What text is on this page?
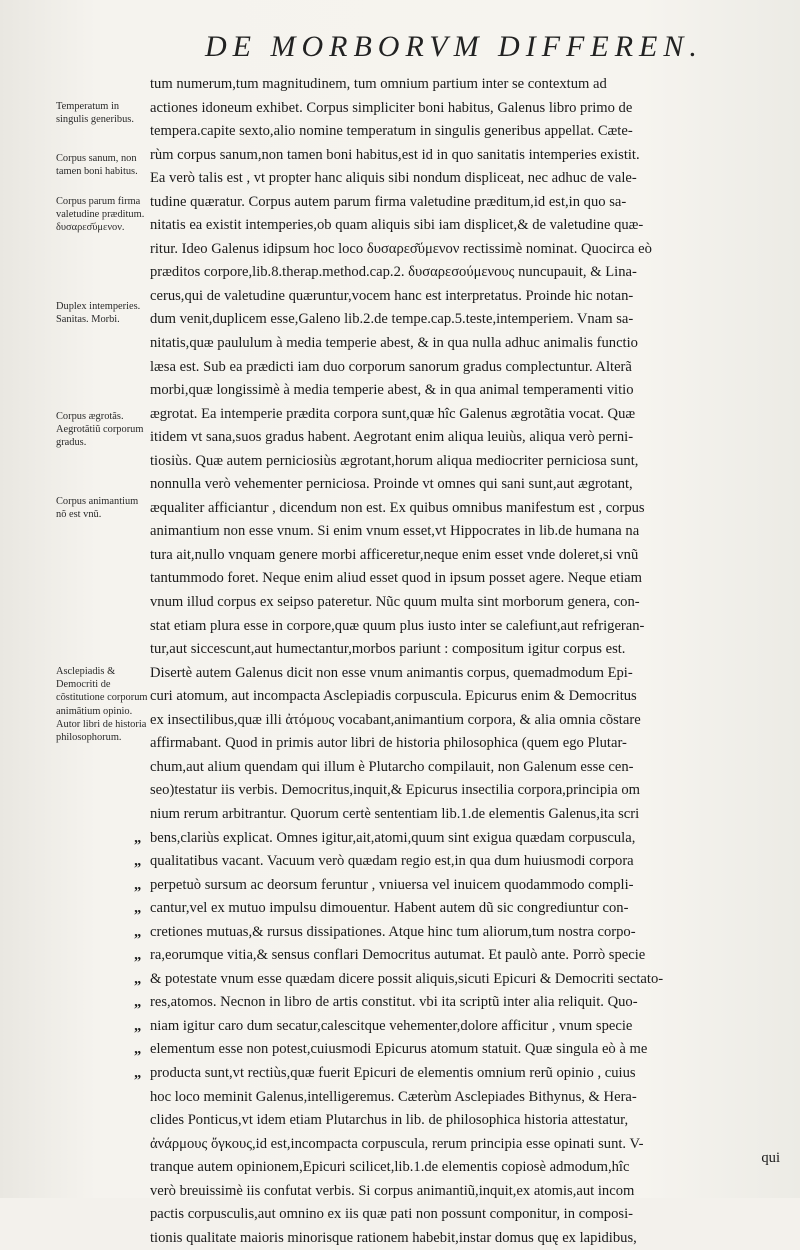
DE MORBORVM DIFFEREN.
Temperatum in singulis generibus.
Duplex intemperies. Sanitas. Morbi.
Corpus ægrotãs. Aegrotãtiũ corporum gradus.
Corpus animantium nõ est vnũ.
Asclepiadis & Democriti de cõstitutione corporum animãtium opinio. Autor libri de historia philosophorum.
Corpus sanum, non tamen boni habitus.
Corpus parum firma valetudine præditum. δυσαρεσ͂ύμενον.
tum numerum,tum magnitudinem, tum omnium partium inter se contextum ad
actiones idoneum exhibet. Corpus simpliciter boni habitus, Galenus libro primo de
tempera.capite sexto,alio nomine temperatum in singulis generibus appellat. Cæte-
rùm corpus sanum,non tamen boni habitus,est id in quo sanitatis intemperies existit.
Ea verò talis est , vt propter hanc aliquis sibi nondum displiceat, nec adhuc de vale-
tudine quæratur. Corpus autem parum firma valetudine præditum,id est,in quo sa-
nitatis ea existit intemperies,ob quam aliquis sibi iam displicet,& de valetudine quæ-
ritur. Ideo Galenus idipsum hoc loco δυσαρεσ͂ύμενον rectissimè nominat. Quocirca eò
præditos corpore,lib.8.therap.method.cap.2. δυσαρεσούμενους nuncupauit, & Lina-
cerus,qui de valetudine quæruntur,vocem hanc est interpretatus. Proinde hic notan-
dum venit,duplicem esse,Galeno lib.2.de tempe.cap.5.teste,intemperiem. Vnam sa-
nitatis,quæ paululum à media temperie abest, & in qua nulla adhuc animalis functio
læsa est. Sub ea prædicti iam duo corporum sanorum gradus complectuntur. Alterã
morbi,quæ longissimè à media temperie abest, & in qua animal temperamenti vitio
ægrotat. Ea intemperie prædita corpora sunt,quæ hîc Galenus ægrotãtia vocat. Quæ
itidem vt sana,suos gradus habent. Aegrotant enim aliqua leuiùs, aliqua verò perni-
tiosiùs. Quæ autem perniciosiùs ægrotant,horum aliqua mediocriter perniciosa sunt,
nonnulla verò vehementer perniciosa. Proinde vt omnes qui sani sunt,aut ægrotant,
æqualiter afficiantur , dicendum non est. Ex quibus omnibus manifestum est , corpus
animantium non esse vnum. Si enim vnum esset,vt Hippocrates in lib.de humana na
tura ait,nullo vnquam genere morbi afficeretur,neque enim esset vnde doleret,si vnũ
tantummodo foret. Neque enim aliud esset quod in ipsum posset agere. Neque etiam
vnum illud corpus ex seipso pateretur. Nũc quum multa sint morborum genera, con-
stat etiam plura esse in corpore,quæ quum plus iusto inter se calefiunt,aut refrigeran-
tur,aut siccescunt,aut humectantur,morbos pariunt : compositum igitur corpus est.
Disertè autem Galenus dicit non esse vnum animantis corpus, quemadmodum Epi-
curi atomum, aut incompacta Asclepiadis corpuscula. Epicurus enim & Democritus
ex insectilibus,quæ illi ἀτόμους vocabant,animantium corpora, & alia omnia cõstare
affirmabant. Quod in primis autor libri de historia philosophica (quem ego Plutar-
chum,aut alium quendam qui illum è Plutarcho compilauit, non Galenum esse cen-
seo)testatur iis verbis. Democritus,inquit,& Epicurus insectilia corpora,principia om
nium rerum arbitrantur. Quorum certè sententiam lib.1.de elementis Galenus,ita scri
„ bens,clariùs explicat. Omnes igitur,ait,atomi,quum sint exigua quædam corpuscula,
„ qualitatibus vacant. Vacuum verò quædam regio est,in qua dum huiusmodi corpora
„ perpetuò sursum ac deorsum feruntur , vniuersa vel inuicem quodammodo compli-
„ cantur,vel ex mutuo impulsu dimouentur. Habent autem dũ sic congrediuntur con-
„ cretiones mutuas,& rursus dissipationes. Atque hinc tum aliorum,tum nostra corpo-
„ ra,eorumque vitia,& sensus conflari Democritus autumat. Et paulò ante. Porrò specie
„ & potestate vnum esse quædam dicere possit aliquis,sicuti Epicuri & Democriti sectato-
„ res,atomos. Necnon in libro de artis constitut. vbi ita scriptũ inter alia reliquit. Quo-
„ niam igitur caro dum secatur,calescitque vehementer,dolore afficitur , vnum specie
„ elementum esse non potest,cuiusmodi Epicurus atomum statuit. Quæ singula eò à me
„ producta sunt,vt rectiùs,quæ fuerit Epicuri de elementis omnium rerũ opinio , cuius
hoc loco meminit Galenus,intelligeremus. Cæterùm Asclepiades Bithynus, & Hera-
clides Ponticus,vt idem etiam Plutarchus in lib. de philosophica historia attestatur,
ἀνάρμους ὄγκους,id est,incompacta corpuscula, rerum principia esse opinati sunt. V-
tranque autem opinionem,Epicuri scilicet,lib.1.de elementis copiosè admodum,hîc
verò breuissimè iis confutat verbis. Si corpus animantiũ,inquit,ex atomis,aut incom
pactis corpusculis,aut omnino ex iis quæ pati non possunt componitur, in composi-
tionis qualitate maioris minorisque rationem habebit,instar domus quę ex lapidibus,
qui
